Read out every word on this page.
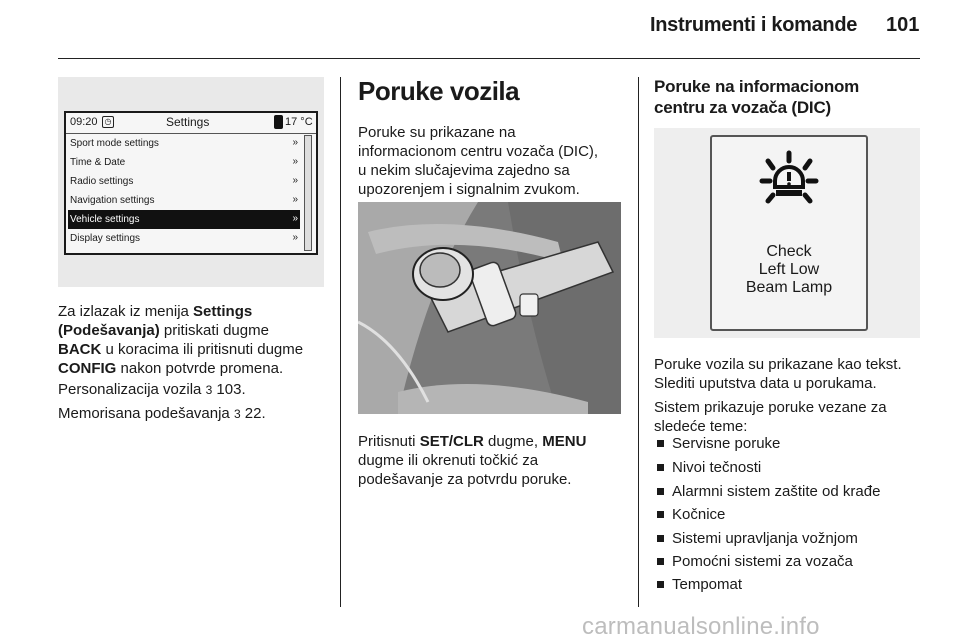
Instrumenti i komande 101
09:20 ◷	Settings	17 °C
Sport mode settings	»
Time & Date	»
Radio settings	»
Navigation settings	»
Vehicle settings	»
Display settings	»
Za izlazak iz menija Settings
(Podešavanja) pritiskati dugme
BACK u koracima ili pritisnuti dugme
CONFIG nakon potvrde promena.
Personalizacija vozila 3 103.
Memorisana podešavanja 3 22.
Poruke vozila
Poruke su prikazane na
informacionom centru vozača (DIC),
u nekim slučajevima zajedno sa
upozorenjem i signalnim zvukom.
Pritisnuti SET/CLR dugme, MENU
dugme ili okrenuti točkić za
podešavanje za potvrdu poruke.
Poruke na informacionom
centru za vozača (DIC)
Check
Left Low
Beam Lamp
Poruke vozila su prikazane kao tekst.
Slediti uputstva data u porukama.
Sistem prikazuje poruke vezane za
sledeće teme:
Servisne poruke
Nivoi tečnosti
Alarmni sistem zaštite od krađe
Kočnice
Sistemi upravljanja vožnjom
Pomoćni sistemi za vozača
Tempomat
carmanualsonline.info
